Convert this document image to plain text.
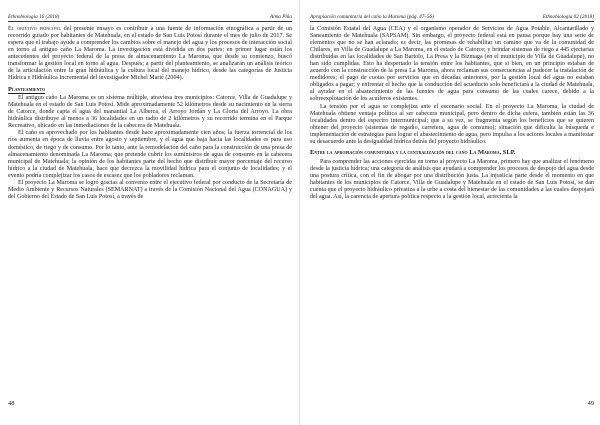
Ethnobiología 16 (2018)	Alma Piña

El objetivo principal del presente ensayo es contribuir a una fuente de información etnográfica a partir de un recorrido guiado por habitantes de Matehuala, en el estado de San Luis Potosí durante el mes de julio de 2017. Se espera que el trabajo ayude a comprender los cambios sobre el manejo del agua y los procesos de interacción social en torno al antiguo caño La Maroma. La investigación está dividida en dos partes; en primer lugar están los antecedentes del proyecto federal de la presa de almacenamiento La Maroma, que desde su comienzo, buscó transformar la gestión local en torno al agua. Después; a partir del planteamiento, se analizarán un análisis teórico de la articulación entre la gran hidráulica y la cultura local del manejo hídrico, desde las categorías de Justicia Hídrica e Hidráulica Incremental del investigador Michel Marié (2004).

Planteamiento

El antiguo caño La Maroma es un sistema múltiple, atraviesa tres municipios: Catorce, Villa de Guadalupe y Matehuala en el estado de San Luis Potosí. Mide aproximadamente 52 kilómetros desde su nacimiento en la sierra de Catorce, donde capta el agua del manantial La Alberca, el Arroyo Jordán y La Gloria del Arroyo. La obra hidráulica distribuye al menos a 36 localidades en un radio de 2 kilómetros y su recorrido termina en el Parque Recreativo, ubicado en las inmediaciones de la cabecera de Matehuala.

El caño es aprovechado por los habitantes desde hace aproximadamente cien años; la fuerza torrencial de los ríos aumenta en época de lluvia entre agosto y septiembre, y el agua que baja hacia las localidades es para uso doméstico, de riego y de consumo. Por lo tanto, ante la remodelación del caño para la construcción de una presa de almacenamiento denominada La Maroma; que pretende cubrir los suministros de agua de consumo en la cabecera municipal de Matehuala; la opinión de los habitantes parte del hecho que distribuir mayor porcentaje del recurso hídrico a la ciudad de Matehuala, hace que decrezca la movilidad hídrica para el conjunto de localidades; y el evento podría complejizar los casos de escasez que los pobladores reclaman.

El proyecto La Maroma se logró gracias al convenio entre el ejecutivo federal por conducto de la Secretaría de Medio Ambiente y Recursos Naturales (SEMARNAT) a través de la Comisión Nacional del Agua (CONAGUA) y del Gobierno del Estado de San Luis Potosí, a través de

48
Apropiación comunitaria del caño la Maroma (pág. 47–56)	Ethnobiología 02 (2018)

la Comisión Estatal del Agua (CEA) y el organismo operador de Servicios de Agua Potable, Alcantarillado y Saneamiento de Matehuala (SAPSAM). Sin embargo, el proyecto federal está en pausa porque hay una serie de elementos que no se han aclarado; es decir, las promesas de rehabilitar un camino que va de la comunidad de Chilares, en Villa de Guadalupe a La Maroma, en el estado de Catorce; y brindar sistemas de riego a 445 ejectarias distribuidas en las localidades de San Bartolo, La Presa y la Bizmaga (en el municipio de Villa de Guadalupe), no han sido cumplidas. Esto ha despertado la tensión entre los habitantes, que si bien, en un principio estaban de acuerdo con la construcción de la presa La Maroma, ahora reclaman sus consecuencias al padecer la instalación de medidores; el pago de cuotas por servicios que en décadas anteriores, por la gestión local del agua no estaban obligados a pagar; y enfrentar el hecho que la conducción del acueducto solo beneficiará a la ciudad de Matehuala, al ayudar en el abastecimiento de las fuentes de agua para consumo de las cuales carece, debido a la sobreexplotación de los acuíferos existentes.

La tensión por el agua se complejiza ante el escenario social. En el proyecto La Maroma, la ciudad de Matehuala obtiene ventaja política al ser cabecera municipal, pero dentro de dicha esfera, también están las 36 localidades dentro del espectro intermunicipal; que a su vez, se fragmenta según los beneficios que se quieren obtener del proyecto (sistemas de regadío, carretera, agua de consumo); situación que dificulta la búsqueda e implementación de estrategias para lograr el abastecimiento de agua, pero impulsa a los actores locales a manifestar su desacuerdo ante la desigualdad hídrica detrás del proyecto hidráulico.

Entre la apropiación comunitaria y la centralización del caño La Maroma, SLP.

Para comprender las acciones ejercidas en torno al proyecto La Maroma, primero hay que analizar el fenómeno desde la justicia hídrica; una categoría de análisis que ayudará a comprender los procesos de despojo del agua desde una postura crítica, con el fin de abogar por una distribución justa. La injusticia parte desde el momento en que habitantes de los municipios de Catorce, Villa de Guadalupe y Matehuala en el estado de San Luis Potosí, se dan cuenta que el proyecto hidráulico privatiza a la urbe a costa del bienestar de las comunidades a las cuales despojará del agua. Así, la carencia de apertura política respecto a la gestión local, acrecienta la

49
